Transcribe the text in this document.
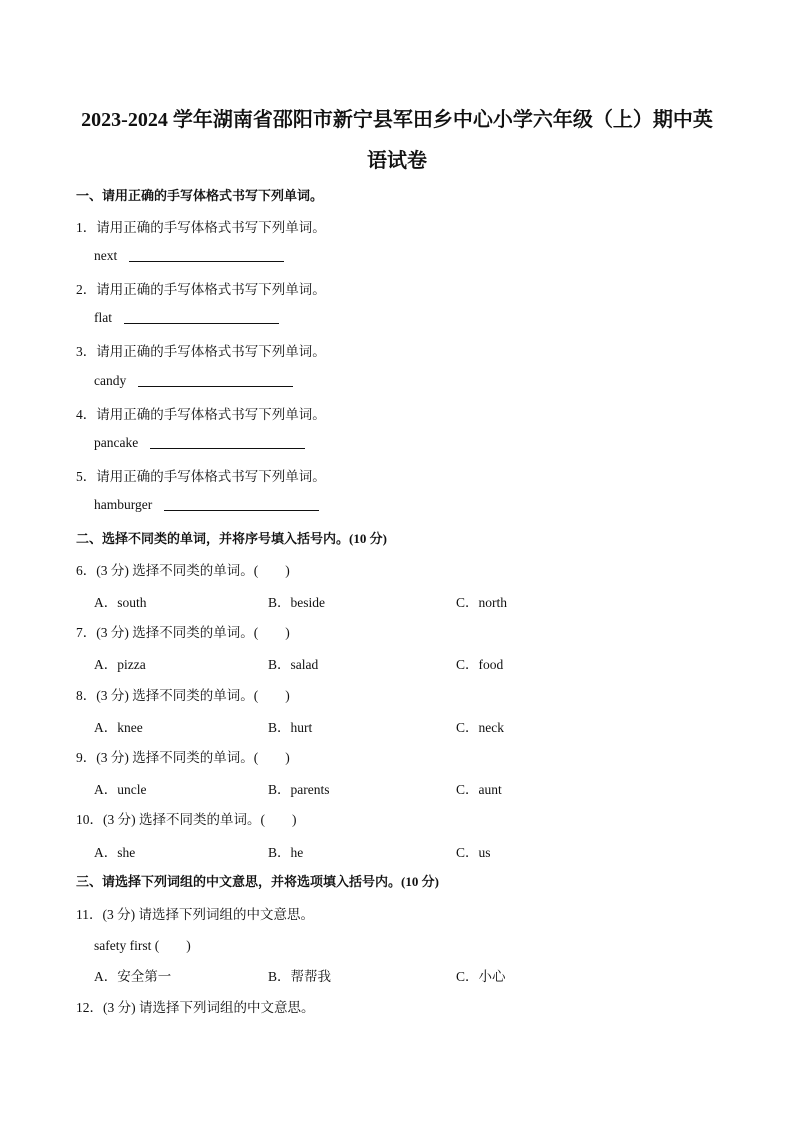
2023-2024 学年湖南省邵阳市新宁县军田乡中心小学六年级（上）期中英
语试卷
一、请用正确的手写体格式书写下列单词。
1．请用正确的手写体格式书写下列单词。
next
2．请用正确的手写体格式书写下列单词。
flat
3．请用正确的手写体格式书写下列单词。
candy
4．请用正确的手写体格式书写下列单词。
pancake
5．请用正确的手写体格式书写下列单词。
hamburger
二、选择不同类的单词，并将序号填入括号内。(10 分)
6．(3 分) 选择不同类的单词。(　　)
A．south	B．beside	C．north
7．(3 分) 选择不同类的单词。(　　)
A．pizza	B．salad	C．food
8．(3 分) 选择不同类的单词。(　　)
A．knee	B．hurt	C．neck
9．(3 分) 选择不同类的单词。(　　)
A．uncle	B．parents	C．aunt
10．(3 分) 选择不同类的单词。(　　)
A．she	B．he	C．us
三、请选择下列词组的中文意思，并将选项填入括号内。(10 分)
11．(3 分) 请选择下列词组的中文意思。
safety first (　　)
A．安全第一	B．帮帮我	C．小心
12．(3 分) 请选择下列词组的中文意思。
